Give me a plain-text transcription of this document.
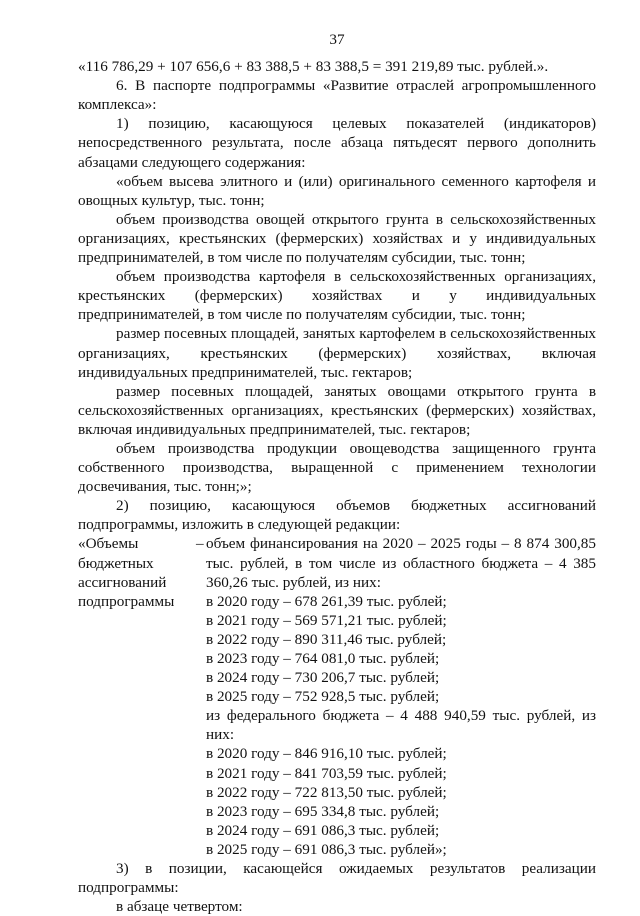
37

«116 786,29 + 107 656,6 + 83 388,5 + 83 388,5 = 391 219,89 тыс. рублей.».

6. В паспорте подпрограммы «Развитие отраслей агропромышленного комплекса»:

1) позицию, касающуюся целевых показателей (индикаторов) непосредственного результата, после абзаца пятьдесят первого дополнить абзацами следующего содержания:

«объем высева элитного и (или) оригинального семенного картофеля и овощных культур, тыс. тонн;

объем производства овощей открытого грунта в сельскохозяйственных организациях, крестьянских (фермерских) хозяйствах и у индивидуальных предпринимателей, в том числе по получателям субсидии, тыс. тонн;

объем производства картофеля в сельскохозяйственных организациях, крестьянских (фермерских) хозяйствах и у индивидуальных предпринимателей, в том числе по получателям субсидии, тыс. тонн;

размер посевных площадей, занятых картофелем в сельскохозяйственных организациях, крестьянских (фермерских) хозяйствах, включая индивидуальных предпринимателей, тыс. гектаров;

размер посевных площадей, занятых овощами открытого грунта в сельскохозяйственных организациях, крестьянских (фермерских) хозяйствах, включая индивидуальных предпринимателей, тыс. гектаров;

объем производства продукции овощеводства защищенного грунта собственного производства, выращенной с применением технологии досвечивания, тыс. тонн;»;

2) позицию, касающуюся объемов бюджетных ассигнований подпрограммы, изложить в следующей редакции:

«Объемы бюджетных ассигнований подпрограммы

– объем финансирования на 2020 – 2025 годы – 8 874 300,85 тыс. рублей, в том числе из областного бюджета – 4 385 360,26 тыс. рублей, из них:

в 2020 году – 678 261,39 тыс. рублей;

в 2021 году – 569 571,21 тыс. рублей;

в 2022 году – 890 311,46 тыс. рублей;

в 2023 году – 764 081,0 тыс. рублей;

в 2024 году – 730 206,7 тыс. рублей;

в 2025 году – 752 928,5 тыс. рублей;

из федерального бюджета – 4 488 940,59 тыс. рублей, из них:

в 2020 году – 846 916,10 тыс. рублей;

в 2021 году – 841 703,59 тыс. рублей;

в 2022 году – 722 813,50 тыс. рублей;

в 2023 году – 695 334,8 тыс. рублей;

в 2024 году – 691 086,3 тыс. рублей;

в 2025 году – 691 086,3 тыс. рублей»;

3) в позиции, касающейся ожидаемых результатов реализации подпрограммы:

в абзаце четвертом:
